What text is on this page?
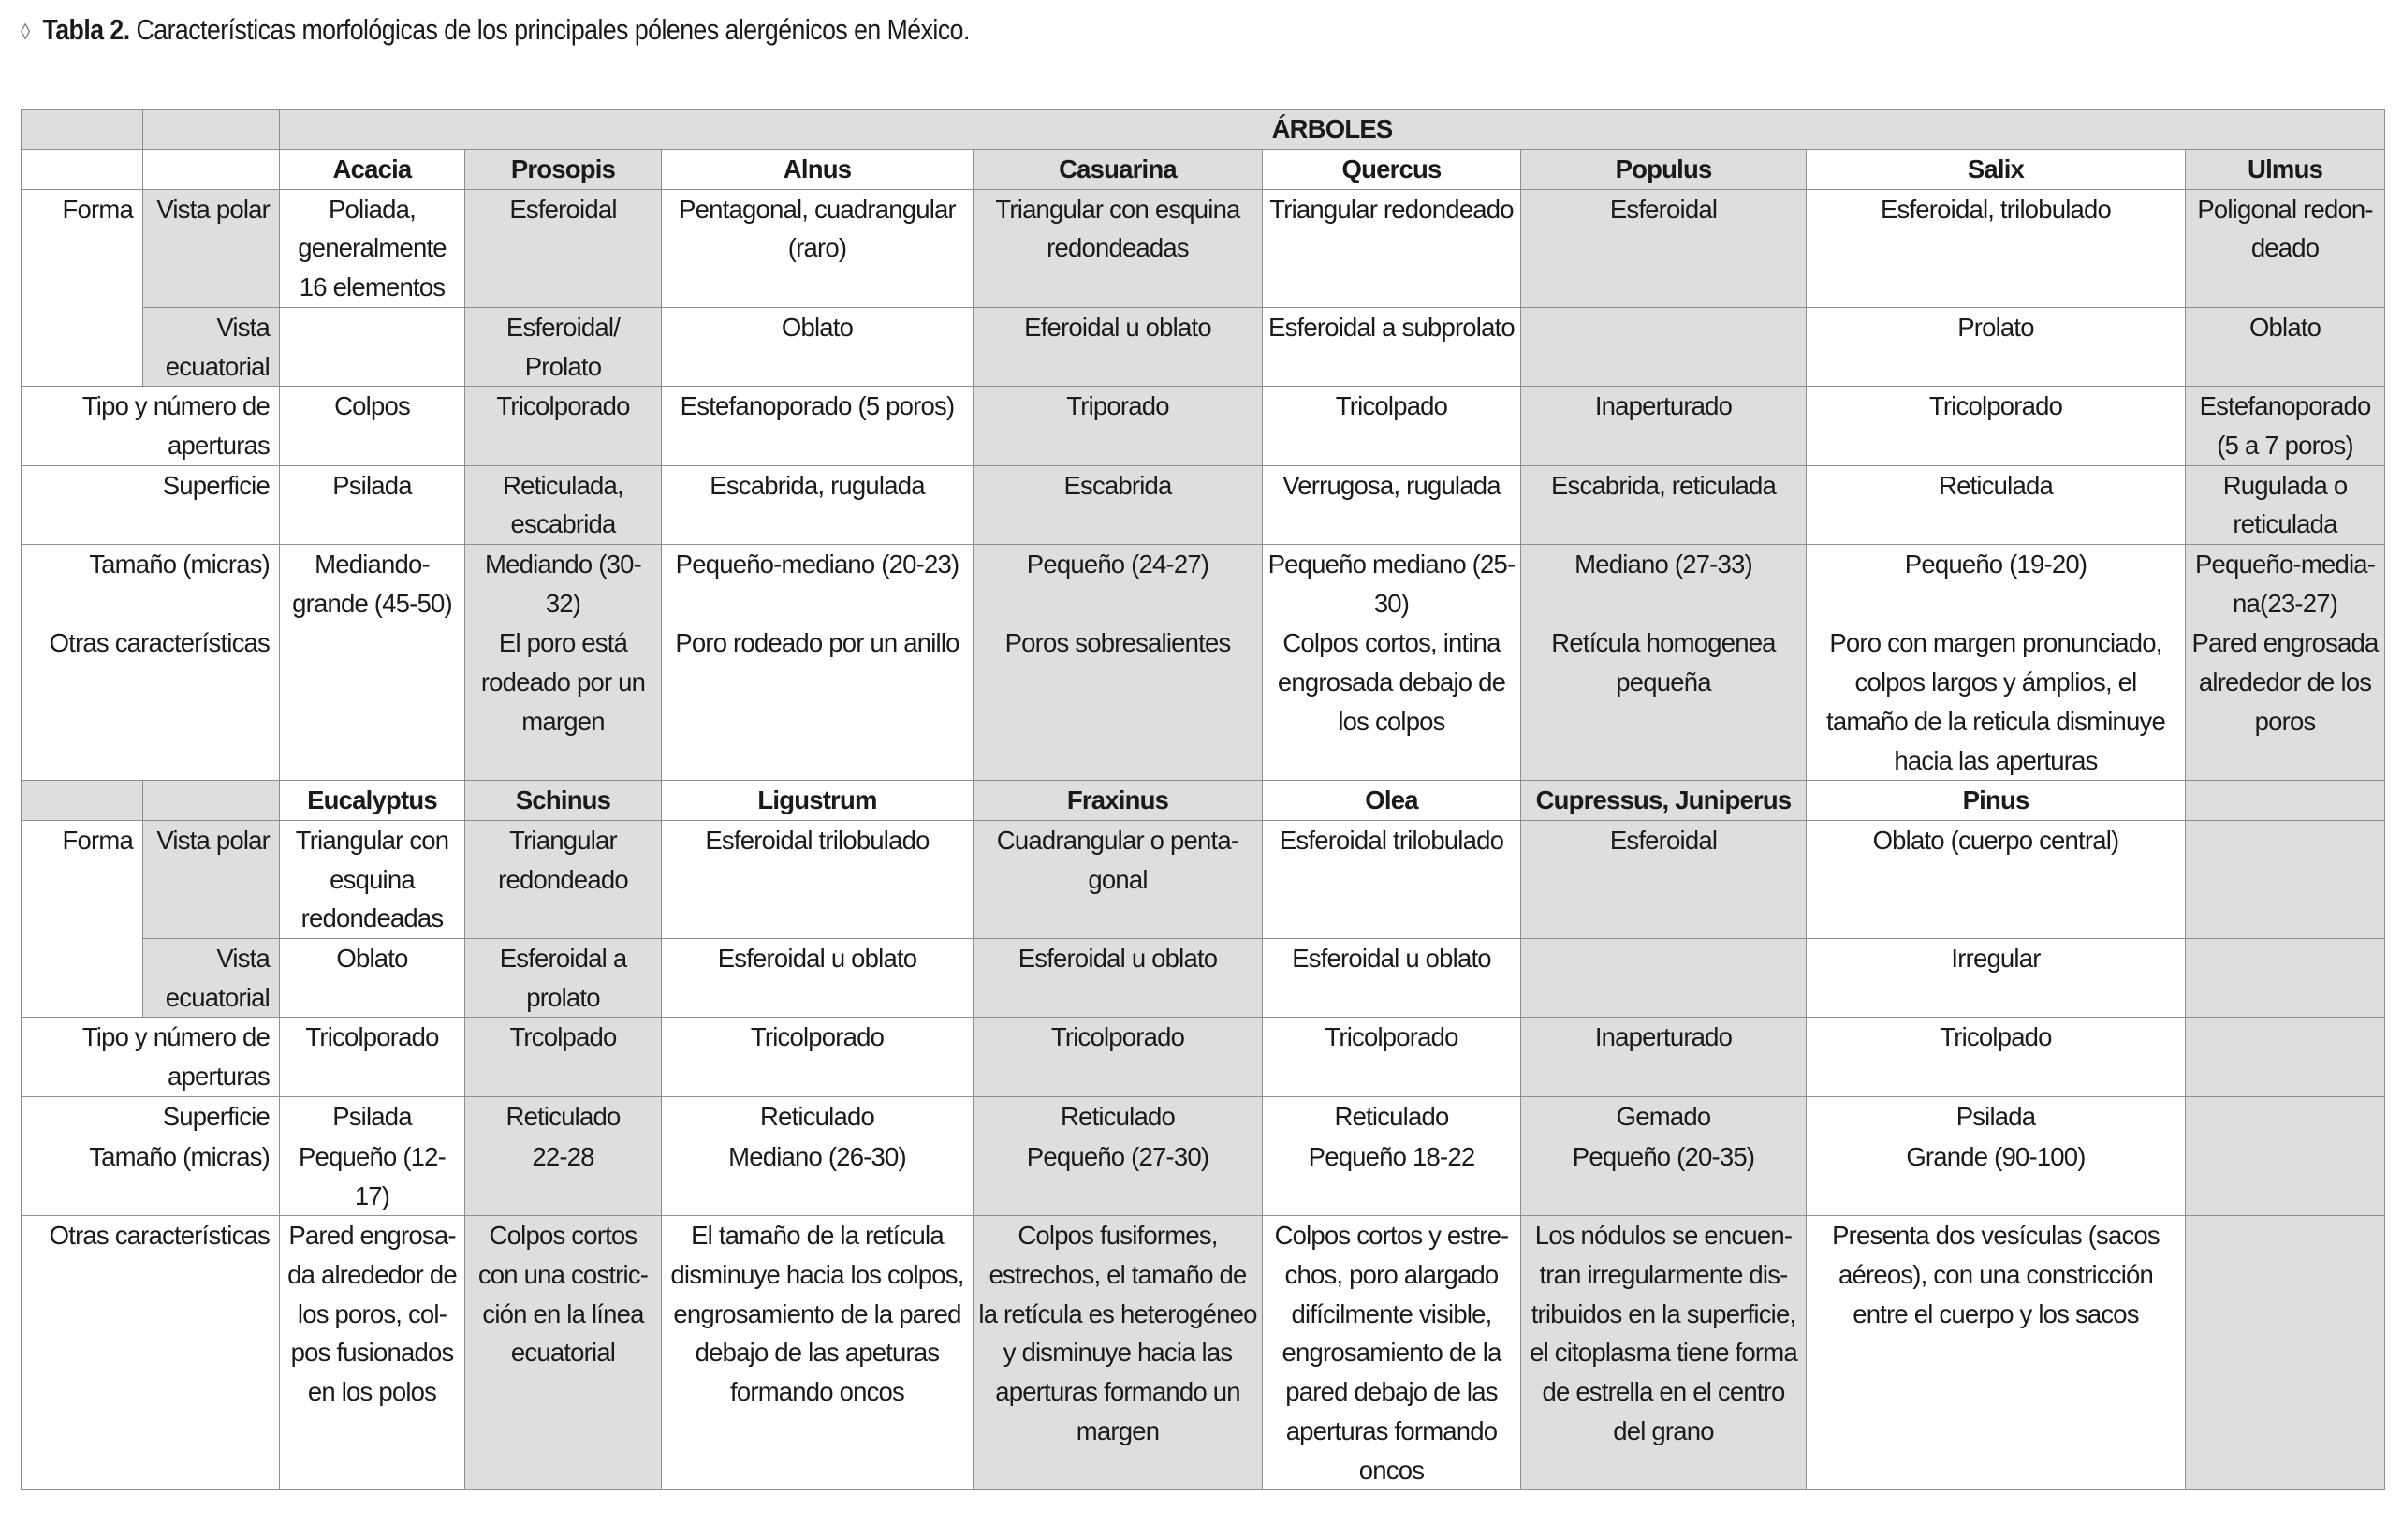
◊ Tabla 2. Características morfológicas de los principales pólenes alergénicos en México.
		ÁRBOLES							
		Acacia	Prosopis	Alnus	Casuarina	Quercus	Populus	Salix	Ulmus
Forma	Vista polar	Poliada, generalmente 16 elementos	Esferoidal	Pentagonal, cuadrangular (raro)	Triangular con esquina redondeadas	Triangular redondeado	Esferoidal	Esferoidal, trilobulado	Poligonal redon-deado
	Vista ecuatorial		Esferoidal/ Prolato	Oblato	Eferoidal u oblato	Esferoidal a subprolato		Prolato	Oblato
Tipo y número de aperturas		Colpos	Tricolporado	Estefanoporado (5 poros)	Triporado	Tricolpado	Inaperturado	Tricolporado	Estefanoporado (5 a 7 poros)
Superficie		Psilada	Reticulada, escabrida	Escabrida, rugulada	Escabrida	Verrugosa, rugulada	Escabrida, reticulada	Reticulada	Rugulada o reticulada
Tamaño (micras)		Mediando-grande (45-50)	Mediando (30-32)	Pequeño-mediano (20-23)	Pequeño (24-27)	Pequeño mediano (25-30)	Mediano (27-33)	Pequeño (19-20)	Pequeño-media-na(23-27)
Otras características			El poro está rodeado por un margen	Poro rodeado por un anillo	Poros sobresalientes	Colpos cortos, intina engrosada debajo de los colpos	Retícula homogenea pequeña	Poro con margen pronunciado, colpos largos y ámplios, el tamaño de la reticula disminuye hacia las aperturas	Pared engrosada alrededor de los poros
		Eucalyptus	Schinus	Ligustrum	Fraxinus	Olea	Cupressus, Juniperus	Pinus	
Forma	Vista polar	Triangular con esquina redondeadas	Triangular redondeado	Esferoidal trilobulado	Cuadrangular o penta-gonal	Esferoidal trilobulado	Esferoidal	Oblato (cuerpo central)	
	Vista ecuatorial	Oblato	Esferoidal a prolato	Esferoidal u oblato	Esferoidal u oblato	Esferoidal u oblato		Irregular	
Tipo y número de aperturas		Tricolporado	Trcolpado	Tricolporado	Tricolporado	Tricolporado	Inaperturado	Tricolpado	
Superficie		Psilada	Reticulado	Reticulado	Reticulado	Reticulado	Gemado	Psilada	
Tamaño (micras)		Pequeño (12-17)	22-28	Mediano (26-30)	Pequeño (27-30)	Pequeño 18-22	Pequeño (20-35)	Grande (90-100)	
Otras características		Pared engrosa-da alrededor de los poros, col-pos fusionados en los polos	Colpos cortos con una costric-ción en la línea ecuatorial	El tamaño de la retícula disminuye hacia los colpos, engrosamiento de la pared debajo de las apeturas formando oncos	Colpos fusiformes, estrechos, el tamaño de la retícula es heterogéneo y disminuye hacia las aperturas formando un margen	Colpos cortos y estre-chos, poro alargado difícilmente visible, engrosamiento de la pared debajo de las aperturas formando oncos	Los nódulos se encuen-tran irregularmente dis-tribuidos en la superficie, el citoplasma tiene forma de estrella en el centro del grano	Presenta dos vesículas (sacos aéreos), con una constricción entre el cuerpo y los sacos	
